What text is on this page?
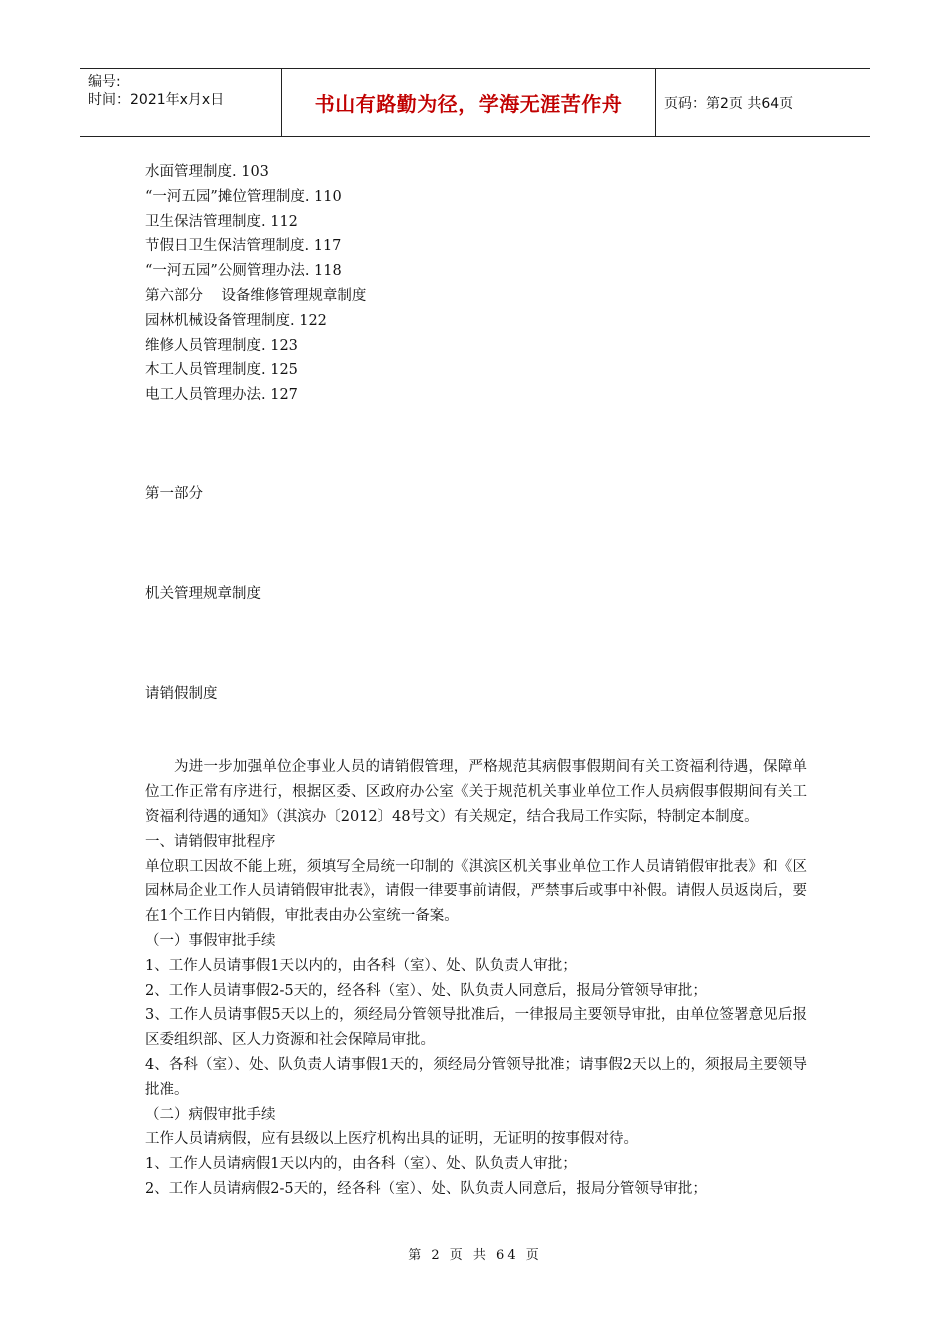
编号:
时间：2021年x月x日	书山有路勤为径，学海无涯苦作舟	页码：第2页 共64页
水面管理制度. 103
“一河五园”摊位管理制度. 110
卫生保洁管理制度. 112
节假日卫生保洁管理制度. 117
“一河五园”公厕管理办法. 118
第六部分    设备维修管理规章制度
园林机械设备管理制度. 122
维修人员管理制度. 123
木工人员管理制度. 125
电工人员管理办法. 127
第一部分
机关管理规章制度
请销假制度
为进一步加强单位企事业人员的请销假管理，严格规范其病假事假期间有关工资福利待遇，保障单位工作正常有序进行，根据区委、区政府办公室《关于规范机关事业单位工作人员病假事假期间有关工资福利待遇的通知》（淇滨办〔2012〕48号文）有关规定，结合我局工作实际，特制定本制度。
一、请销假审批程序
单位职工因故不能上班，须填写全局统一印制的《淇滨区机关事业单位工作人员请销假审批表》和《区园林局企业工作人员请销假审批表》，请假一律要事前请假，严禁事后或事中补假。请假人员返岗后，要在1个工作日内销假，审批表由办公室统一备案。
（一）事假审批手续
1、工作人员请事假1天以内的，由各科（室）、处、队负责人审批；
2、工作人员请事假2-5天的，经各科（室）、处、队负责人同意后，报局分管领导审批；
3、工作人员请事假5天以上的，须经局分管领导批准后，一律报局主要领导审批，由单位签署意见后报区委组织部、区人力资源和社会保障局审批。
4、各科（室）、处、队负责人请事假1天的，须经局分管领导批准；请事假2天以上的，须报局主要领导批准。
（二）病假审批手续
工作人员请病假，应有县级以上医疗机构出具的证明，无证明的按事假对待。
1、工作人员请病假1天以内的，由各科（室）、处、队负责人审批；
2、工作人员请病假2-5天的，经各科（室）、处、队负责人同意后，报局分管领导审批；
第 2 页 共 64 页
